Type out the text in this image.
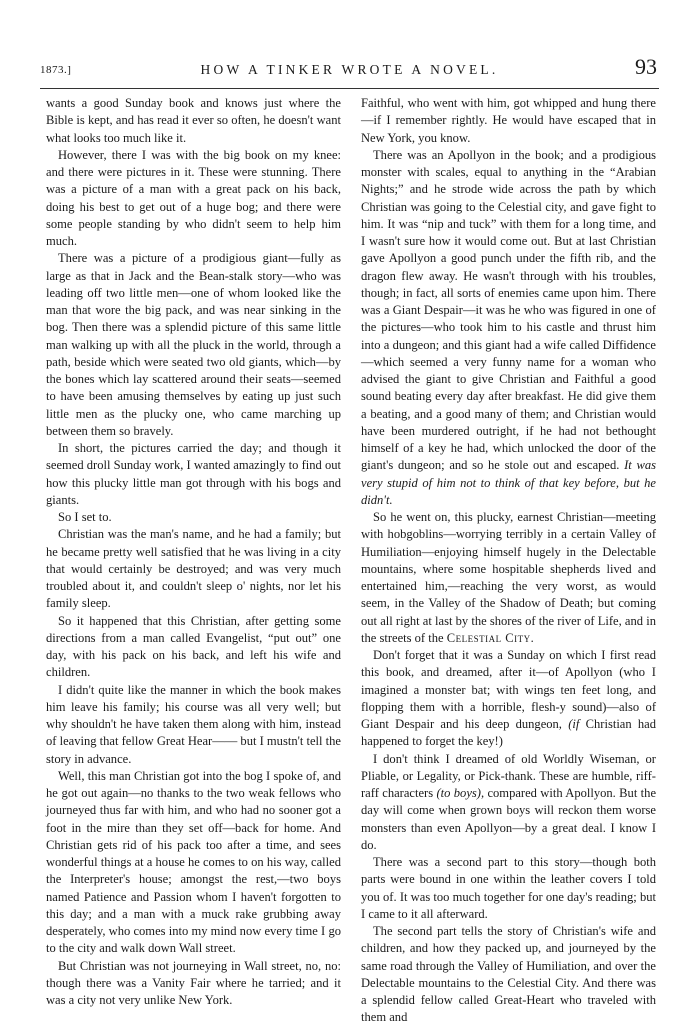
1873.]	HOW A TINKER WROTE A NOVEL.	93

wants a good Sunday book and knows just where the Bible is kept, and has read it ever so often, he doesn't want what looks too much like it.

However, there I was with the big book on my knee: and there were pictures in it. These were stunning. There was a picture of a man with a great pack on his back, doing his best to get out of a huge bog; and there were some people standing by who didn't seem to help him much.

There was a picture of a prodigious giant—fully as large as that in Jack and the Bean-stalk story—who was leading off two little men—one of whom looked like the man that wore the big pack, and was near sinking in the bog. Then there was a splendid picture of this same little man walking up with all the pluck in the world, through a path, beside which were seated two old giants, which—by the bones which lay scattered around their seats—seemed to have been amusing themselves by eating up just such little men as the plucky one, who came marching up between them so bravely.

In short, the pictures carried the day; and though it seemed droll Sunday work, I wanted amazingly to find out how this plucky little man got through with his bogs and giants.

So I set to.

Christian was the man's name, and he had a family; but he became pretty well satisfied that he was living in a city that would certainly be destroyed; and was very much troubled about it, and couldn't sleep o' nights, nor let his family sleep.

So it happened that this Christian, after getting some directions from a man called Evangelist, “put out” one day, with his pack on his back, and left his wife and children.

I didn't quite like the manner in which the book makes him leave his family; his course was all very well; but why shouldn't he have taken them along with him, instead of leaving that fellow Great Hear—— but I mustn't tell the story in advance.

Well, this man Christian got into the bog I spoke of, and he got out again—no thanks to the two weak fellows who journeyed thus far with him, and who had no sooner got a foot in the mire than they set off—back for home. And Christian gets rid of his pack too after a time, and sees wonderful things at a house he comes to on his way, called the Interpreter's house; amongst the rest,—two boys named Patience and Passion whom I haven't forgotten to this day; and a man with a muck rake grubbing away desperately, who comes into my mind now every time I go to the city and walk down Wall street.

But Christian was not journeying in Wall street, no, no: though there was a Vanity Fair where he tarried; and it was a city not very unlike New York.

Faithful, who went with him, got whipped and hung there—if I remember rightly. He would have escaped that in New York, you know.

There was an Apollyon in the book; and a prodigious monster with scales, equal to anything in the “Arabian Nights;” and he strode wide across the path by which Christian was going to the Celestial city, and gave fight to him. It was “nip and tuck” with them for a long time, and I wasn't sure how it would come out. But at last Christian gave Apollyon a good punch under the fifth rib, and the dragon flew away. He wasn't through with his troubles, though; in fact, all sorts of enemies came upon him. There was a Giant Despair—it was he who was figured in one of the pictures—who took him to his castle and thrust him into a dungeon; and this giant had a wife called Diffidence—which seemed a very funny name for a woman who advised the giant to give Christian and Faithful a good sound beating every day after breakfast. He did give them a beating, and a good many of them; and Christian would have been murdered outright, if he had not bethought himself of a key he had, which unlocked the door of the giant's dungeon; and so he stole out and escaped. It was very stupid of him not to think of that key before, but he didn't.

So he went on, this plucky, earnest Christian—meeting with hobgoblins—worrying terribly in a certain Valley of Humiliation—enjoying himself hugely in the Delectable mountains, where some hospitable shepherds lived and entertained him,—reaching the very worst, as would seem, in the Valley of the Shadow of Death; but coming out all right at last by the shores of the river of Life, and in the streets of the Celestial City.

Don't forget that it was a Sunday on which I first read this book, and dreamed, after it—of Apollyon (who I imagined a monster bat; with wings ten feet long, and flopping them with a horrible, flesh-y sound)—also of Giant Despair and his deep dungeon, (if Christian had happened to forget the key!)

I don't think I dreamed of old Worldly Wiseman, or Pliable, or Legality, or Pick-thank. These are humble, riff-raff characters (to boys), compared with Apollyon. But the day will come when grown boys will reckon them worse monsters than even Apollyon—by a great deal. I know I do.

There was a second part to this story—though both parts were bound in one within the leather covers I told you of. It was too much together for one day's reading; but I came to it all afterward.

The second part tells the story of Christian's wife and children, and how they packed up, and journeyed by the same road through the Valley of Humiliation, and over the Delectable mountains to the Celestial City. And there was a splendid fellow called Great-Heart who traveled with them and
